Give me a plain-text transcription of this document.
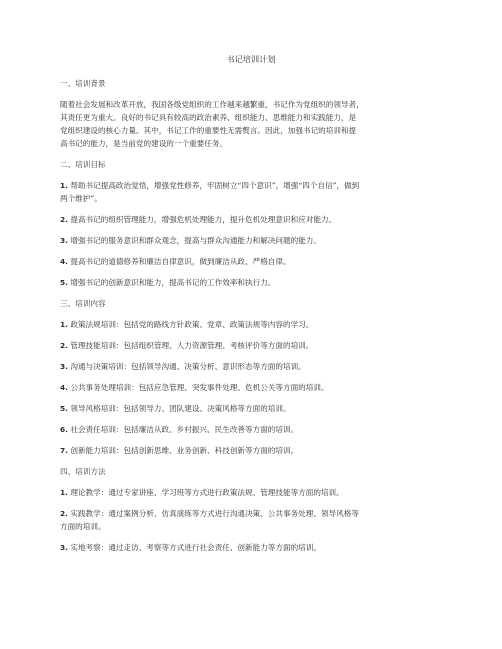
书记培训计划
一、培训背景
随着社会发展和改革开放，我国各级党组织的工作越来越繁重，书记作为党组织的领导者，
其责任更为重大。良好的书记具有较高的政治素养、组织能力、思维能力和实践能力，是
党组织建设的核心力量。其中，书记工作的重要性无需赘言。因此，加强书记的培训和提
高书记的能力，是当前党的建设的一个重要任务。
二、培训目标
1. 帮助书记提高政治觉悟，增强党性修养，牢固树立“四个意识”，增强“四个自信”，做到
两个维护”。
2. 提高书记的组织管理能力，增强危机处理能力，提升危机处理意识和应对能力。
3. 增强书记的服务意识和群众观念，提高与群众沟通能力和解决问题的能力。
4. 提高书记的道德修养和廉洁自律意识，做到廉洁从政、严格自律。
5. 增强书记的创新意识和能力，提高书记的工作效率和执行力。
三、培训内容
1. 政策法规培训：包括党的路线方针政策、党章、政策法规等内容的学习。
2. 管理技能培训：包括组织管理、人力资源管理、考核评价等方面的培训。
3. 沟通与决策培训：包括领导沟通、决策分析、意识形态等方面的培训。
4. 公共事务处理培训：包括应急管理、突发事件处理、危机公关等方面的培训。
5. 领导风格培训：包括领导力、团队建设、决策风格等方面的培训。
6. 社会责任培训：包括廉洁从政、乡村振兴、民生改善等方面的培训。
7. 创新能力培训：包括创新思维、业务创新、科技创新等方面的培训。
四、培训方法
1. 理论教学：通过专家讲座、学习班等方式进行政策法规、管理技能等方面的培训。
2. 实践教学：通过案例分析、仿真演练等方式进行沟通决策、公共事务处理、领导风格等
方面的培训。
3. 实地考察：通过走访、考察等方式进行社会责任、创新能力等方面的培训。
